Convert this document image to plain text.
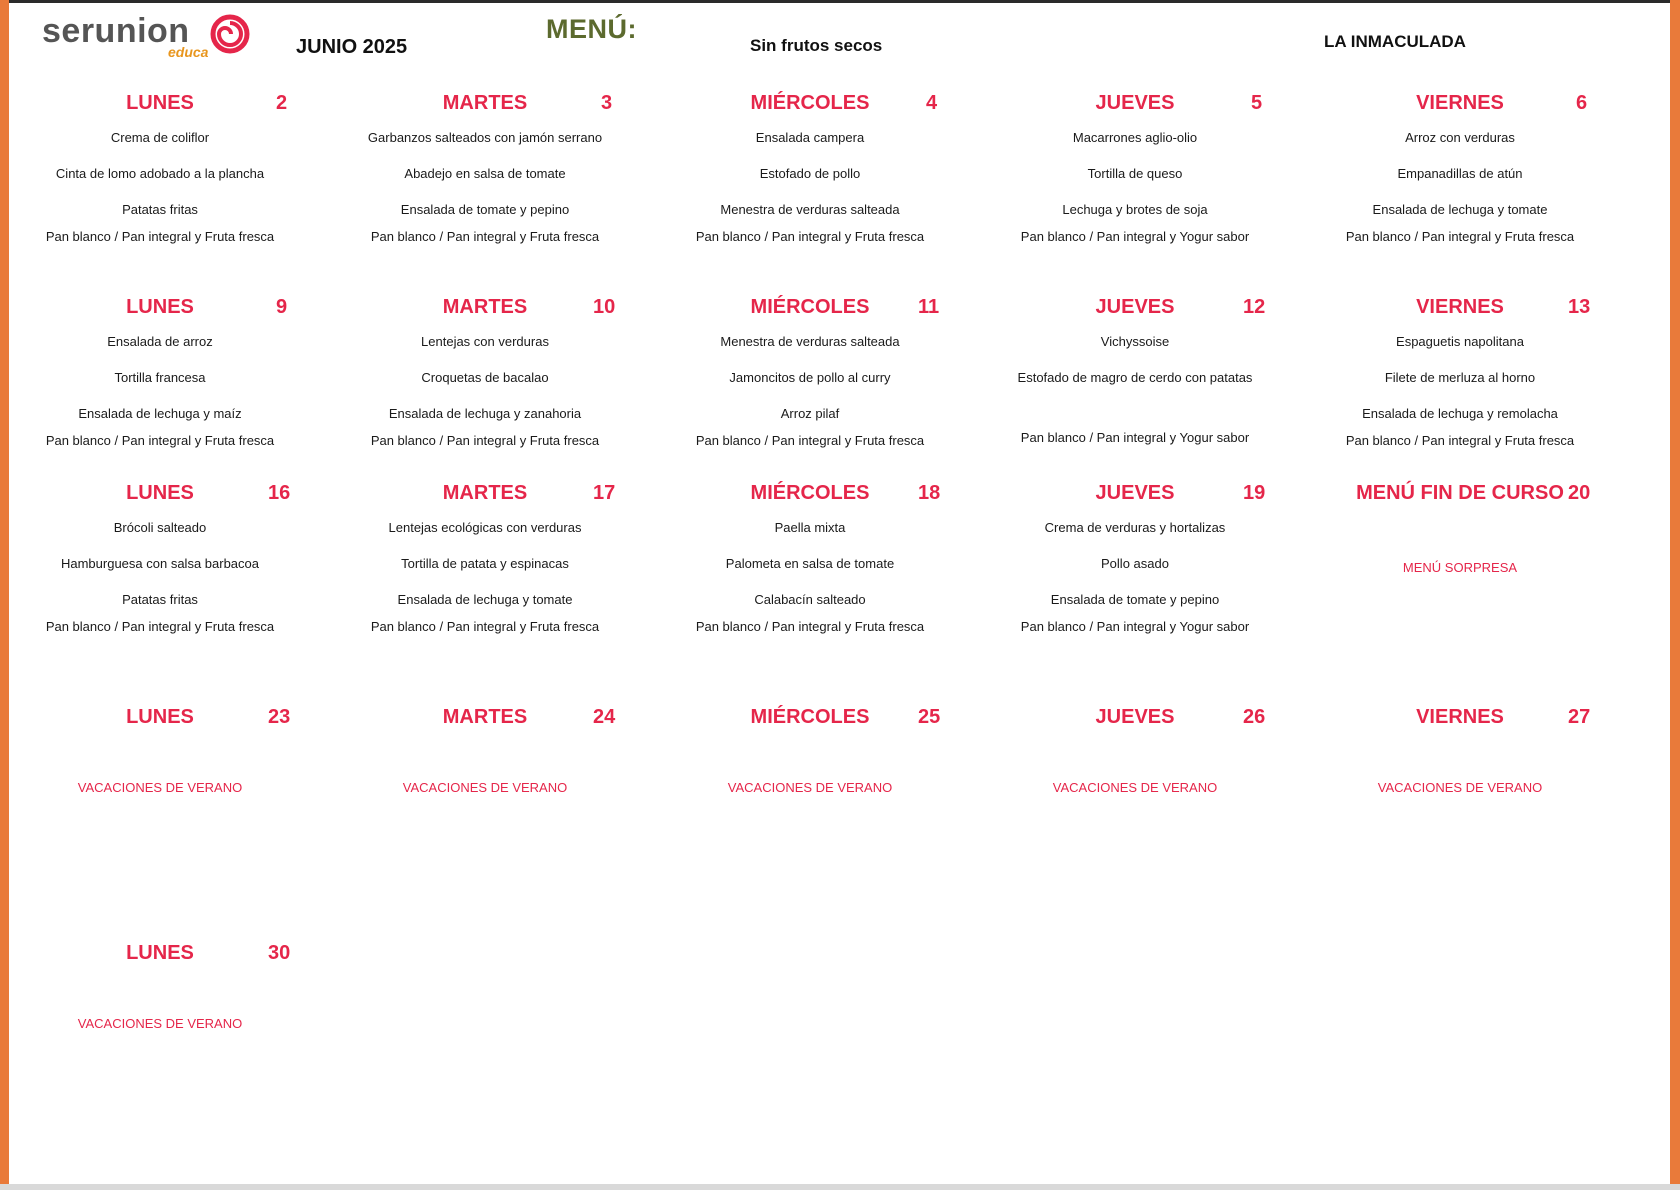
serunion
educa	JUNIO 2025
MENÚ:
Sin frutos secos	LA INMACULADA
LUNES	2
Crema de coliflor
Cinta de lomo adobado a la plancha
Patatas fritas
Pan blanco / Pan integral y Fruta fresca
MARTES	3
Garbanzos salteados con jamón serrano
Abadejo en salsa de tomate
Ensalada de tomate y pepino
Pan blanco / Pan integral y Fruta fresca
MIÉRCOLES	4
Ensalada campera
Estofado de pollo
Menestra de verduras salteada
Pan blanco / Pan integral y Fruta fresca
JUEVES	5
Macarrones aglio-olio
Tortilla de queso
Lechuga y brotes de soja
Pan blanco / Pan integral y Yogur sabor
VIERNES	6
Arroz con verduras
Empanadillas de atún
Ensalada de lechuga y tomate
Pan blanco / Pan integral y Fruta fresca
LUNES	9
Ensalada de arroz
Tortilla francesa
Ensalada de lechuga y maíz
Pan blanco / Pan integral y Fruta fresca
MARTES	10
Lentejas con verduras
Croquetas de bacalao
Ensalada de lechuga y zanahoria
Pan blanco / Pan integral y Fruta fresca
MIÉRCOLES	11
Menestra de verduras salteada
Jamoncitos de pollo al curry
Arroz pilaf
Pan blanco / Pan integral y Fruta fresca
JUEVES	12
Vichyssoise
Estofado de magro de cerdo con patatas
Pan blanco / Pan integral y Yogur sabor
VIERNES	13
Espaguetis napolitana
Filete de merluza al horno
Ensalada de lechuga y remolacha
Pan blanco / Pan integral y Fruta fresca
LUNES	16
Brócoli salteado
Hamburguesa con salsa barbacoa
Patatas fritas
Pan blanco / Pan integral y Fruta fresca
MARTES	17
Lentejas ecológicas con verduras
Tortilla de patata y espinacas
Ensalada de lechuga y tomate
Pan blanco / Pan integral y Fruta fresca
MIÉRCOLES	18
Paella mixta
Palometa en salsa de tomate
Calabacín salteado
Pan blanco / Pan integral y Fruta fresca
JUEVES	19
Crema de verduras y hortalizas
Pollo asado
Ensalada de tomate y pepino
Pan blanco / Pan integral y Yogur sabor
MENÚ FIN DE CURSO 20
MENÚ SORPRESA
LUNES	23
VACACIONES DE VERANO
MARTES	24
VACACIONES DE VERANO
MIÉRCOLES	25
VACACIONES DE VERANO
JUEVES	26
VACACIONES DE VERANO
VIERNES	27
VACACIONES DE VERANO
LUNES	30
VACACIONES DE VERANO
